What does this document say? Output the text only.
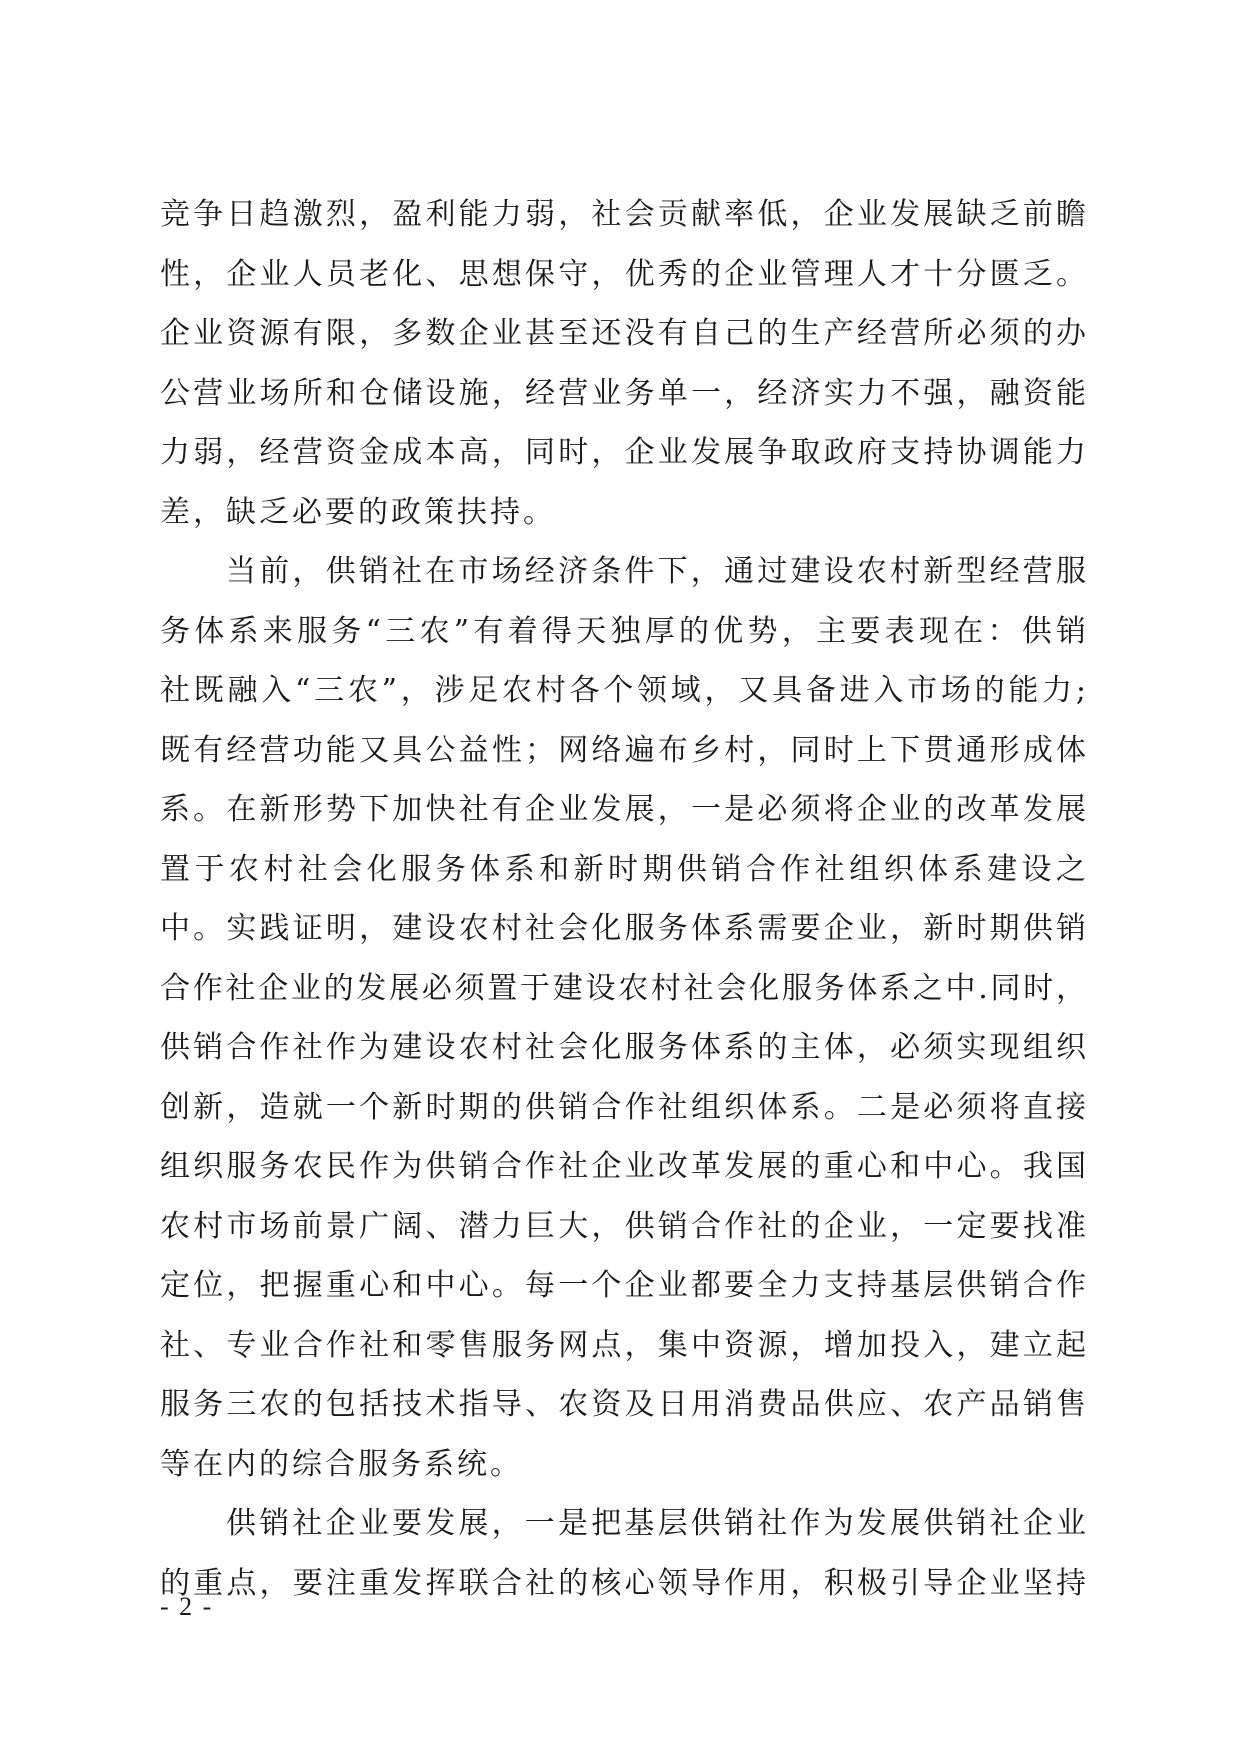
竞争日趋激烈，盈利能力弱，社会贡献率低，企业发展缺乏前瞻
性，企业人员老化、思想保守，优秀的企业管理人才十分匮乏。
企业资源有限，多数企业甚至还没有自己的生产经营所必须的办
公营业场所和仓储设施，经营业务单一，经济实力不强，融资能
力弱，经营资金成本高，同时，企业发展争取政府支持协调能力
差，缺乏必要的政策扶持。
当前，供销社在市场经济条件下，通过建设农村新型经营服
务体系来服务“三农”有着得天独厚的优势，主要表现在：供销
社既融入“三农”，涉足农村各个领域，又具备进入市场的能力;
既有经营功能又具公益性；网络遍布乡村，同时上下贯通形成体
系。在新形势下加快社有企业发展，一是必须将企业的改革发展
置于农村社会化服务体系和新时期供销合作社组织体系建设之
中。实践证明，建设农村社会化服务体系需要企业，新时期供销
合作社企业的发展必须置于建设农村社会化服务体系之中.同时，
供销合作社作为建设农村社会化服务体系的主体，必须实现组织
创新，造就一个新时期的供销合作社组织体系。二是必须将直接
组织服务农民作为供销合作社企业改革发展的重心和中心。我国
农村市场前景广阔、潜力巨大，供销合作社的企业，一定要找准
定位，把握重心和中心。每一个企业都要全力支持基层供销合作
社、专业合作社和零售服务网点，集中资源，增加投入，建立起
服务三农的包括技术指导、农资及日用消费品供应、农产品销售
等在内的综合服务系统。
供销社企业要发展，一是把基层供销社作为发展供销社企业
的重点，要注重发挥联合社的核心领导作用，积极引导企业坚持
- 2 -
